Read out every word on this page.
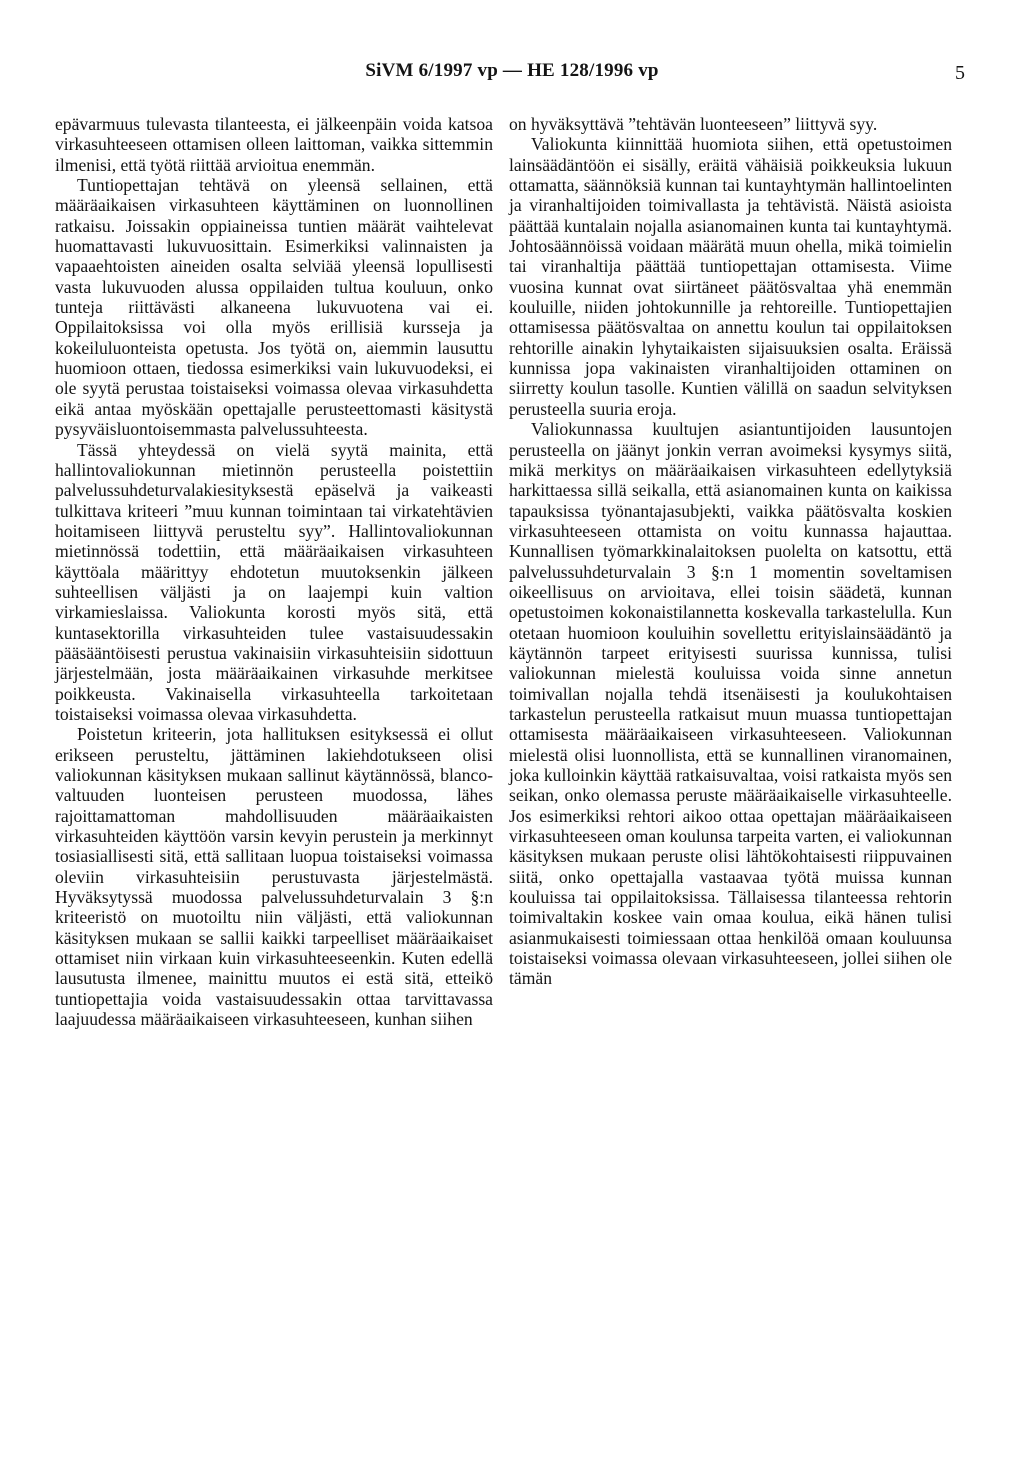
SiVM 6/1997 vp — HE 128/1996 vp	5

epävarmuus tulevasta tilanteesta, ei jälkeenpäin voida katsoa virkasuhteeseen ottamisen olleen laittoman, vaikka sittemmin ilmenisi, että työtä riittää arvioitua enemmän.

Tuntiopettajan tehtävä on yleensä sellainen, että määräaikaisen virkasuhteen käyttäminen on luonnollinen ratkaisu. Joissakin oppiaineissa tuntien määrät vaihtelevat huomattavasti lukuvuosittain. Esimerkiksi valinnaisten ja vapaaehtoisten aineiden osalta selviää yleensä lopullisesti vasta lukuvuoden alussa oppilaiden tultua kouluun, onko tunteja riittävästi alkaneena lukuvuotena vai ei. Oppilaitoksissa voi olla myös erillisiä kursseja ja kokeiluluonteista opetusta. Jos työtä on, aiemmin lausuttu huomioon ottaen, tiedossa esimerkiksi vain lukuvuodeksi, ei ole syytä perustaa toistaiseksi voimassa olevaa virkasuhdetta eikä antaa myöskään opettajalle perusteettomasti käsitystä pysyväisluontoisemmasta palvelussuhteesta.

Tässä yhteydessä on vielä syytä mainita, että hallintovaliokunnan mietinnön perusteella poistettiin palvelussuhdeturvalakiesityksestä epäselvä ja vaikeasti tulkittava kriteeri ”muu kunnan toimintaan tai virkatehtävien hoitamiseen liittyvä perusteltu syy”. Hallintovaliokunnan mietinnössä todettiin, että määräaikaisen virkasuhteen käyttöala määrittyy ehdotetun muutoksenkin jälkeen suhteellisen väljästi ja on laajempi kuin valtion virkamieslaissa. Valiokunta korosti myös sitä, että kuntasektorilla virkasuhteiden tulee vastaisuudessakin pääsääntöisesti perustua vakinaisiin virkasuhteisiin sidottuun järjestelmään, josta määräaikainen virkasuhde merkitsee poikkeusta. Vakinaisella virkasuhteella tarkoitetaan toistaiseksi voimassa olevaa virkasuhdetta.

Poistetun kriteerin, jota hallituksen esityksessä ei ollut erikseen perusteltu, jättäminen lakiehdotukseen olisi valiokunnan käsityksen mukaan sallinut käytännössä, blanco-valtuuden luonteisen perusteen muodossa, lähes rajoittamattoman mahdollisuuden määräaikaisten virkasuhteiden käyttöön varsin kevyin perustein ja merkinnyt tosiasiallisesti sitä, että sallitaan luopua toistaiseksi voimassa oleviin virkasuhteisiin perustuvasta järjestelmästä. Hyväksytyssä muodossa palvelussuhdeturvalain 3 §:n kriteeristö on muotoiltu niin väljästi, että valiokunnan käsityksen mukaan se sallii kaikki tarpeelliset määräaikaiset ottamiset niin virkaan kuin virkasuhteeseenkin. Kuten edellä lausutusta ilmenee, mainittu muutos ei estä sitä, etteikö tuntiopettajia voida vastaisuudessakin ottaa tarvittavassa laajuudessa määräaikaiseen virkasuhteeseen, kunhan siihen

on hyväksyttävä ”tehtävän luonteeseen” liittyvä syy.

Valiokunta kiinnittää huomiota siihen, että opetustoimen lainsäädäntöön ei sisälly, eräitä vähäisiä poikkeuksia lukuun ottamatta, säännöksiä kunnan tai kuntayhtymän hallintoelinten ja viranhaltijoiden toimivallasta ja tehtävistä. Näistä asioista päättää kuntalain nojalla asianomainen kunta tai kuntayhtymä. Johtosäännöissä voidaan määrätä muun ohella, mikä toimielin tai viranhaltija päättää tuntiopettajan ottamisesta. Viime vuosina kunnat ovat siirtäneet päätösvaltaa yhä enemmän kouluille, niiden johtokunnille ja rehtoreille. Tuntiopettajien ottamisessa päätösvaltaa on annettu koulun tai oppilaitoksen rehtorille ainakin lyhytaikaisten sijaisuuksien osalta. Eräissä kunnissa jopa vakinaisten viranhaltijoiden ottaminen on siirretty koulun tasolle. Kuntien välillä on saadun selvityksen perusteella suuria eroja.

Valiokunnassa kuultujen asiantuntijoiden lausuntojen perusteella on jäänyt jonkin verran avoimeksi kysymys siitä, mikä merkitys on määräaikaisen virkasuhteen edellytyksiä harkittaessa sillä seikalla, että asianomainen kunta on kaikissa tapauksissa työnantajasubjekti, vaikka päätösvalta koskien virkasuhteeseen ottamista on voitu kunnassa hajauttaa. Kunnallisen työmarkkinalaitoksen puolelta on katsottu, että palvelussuhdeturvalain 3 §:n 1 momentin soveltamisen oikeellisuus on arvioitava, ellei toisin säädetä, kunnan opetustoimen kokonaistilannetta koskevalla tarkastelulla. Kun otetaan huomioon kouluihin sovellettu erityislainsäädäntö ja käytännön tarpeet erityisesti suurissa kunnissa, tulisi valiokunnan mielestä kouluissa voida sinne annetun toimivallan nojalla tehdä itsenäisesti ja koulukohtaisen tarkastelun perusteella ratkaisut muun muassa tuntiopettajan ottamisesta määräaikaiseen virkasuhteeseen. Valiokunnan mielestä olisi luonnollista, että se kunnallinen viranomainen, joka kulloinkin käyttää ratkaisuvaltaa, voisi ratkaista myös sen seikan, onko olemassa peruste määräaikaiselle virkasuhteelle. Jos esimerkiksi rehtori aikoo ottaa opettajan määräaikaiseen virkasuhteeseen oman koulunsa tarpeita varten, ei valiokunnan käsityksen mukaan peruste olisi lähtökohtaisesti riippuvainen siitä, onko opettajalla vastaavaa työtä muissa kunnan kouluissa tai oppilaitoksissa. Tällaisessa tilanteessa rehtorin toimivaltakin koskee vain omaa koulua, eikä hänen tulisi asianmukaisesti toimiessaan ottaa henkilöä omaan kouluunsa toistaiseksi voimassa olevaan virkasuhteeseen, jollei siihen ole tämän
